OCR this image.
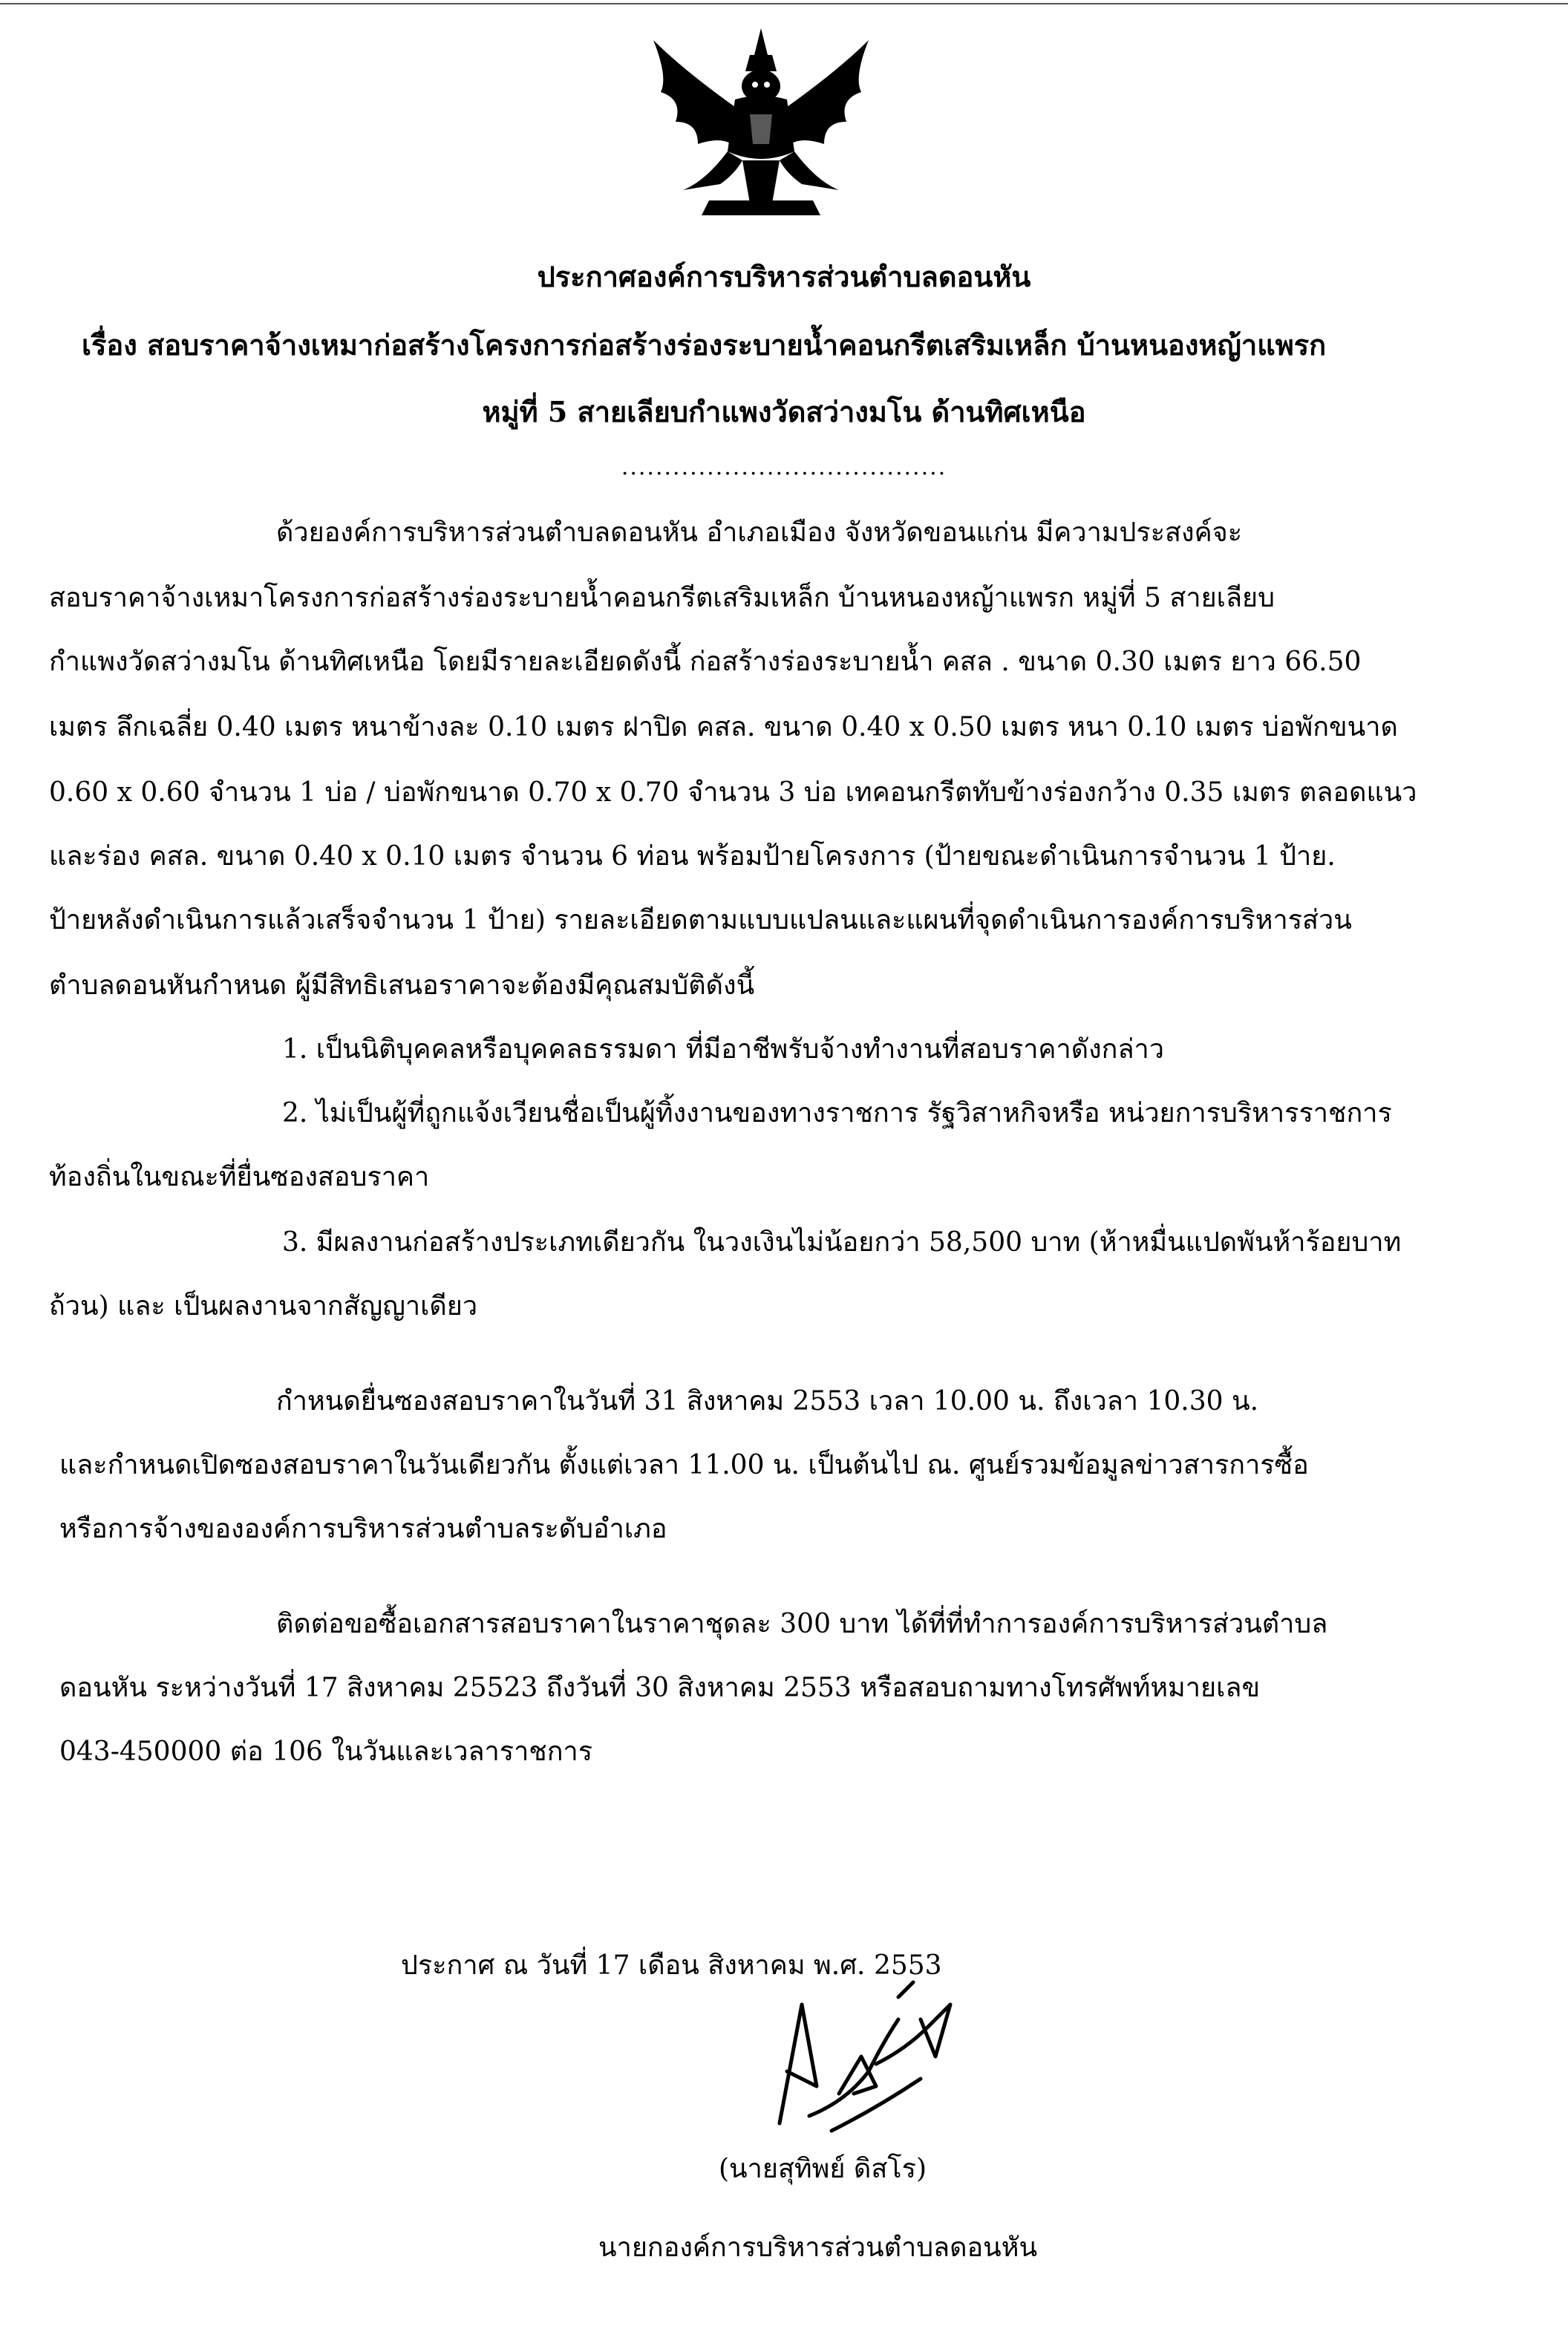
ประกาศองค์การบริหารส่วนตำบลดอนหัน
เรื่อง สอบราคาจ้างเหมาก่อสร้างโครงการก่อสร้างร่องระบายน้ำคอนกรีตเสริมเหล็ก บ้านหนองหญ้าแพรก
หมู่ที่ 5 สายเลียบกำแพงวัดสว่างมโน ด้านทิศเหนือ
......................................
ด้วยองค์การบริหารส่วนตำบลดอนหัน อำเภอเมือง จังหวัดขอนแก่น มีความประสงค์จะ
สอบราคาจ้างเหมาโครงการก่อสร้างร่องระบายน้ำคอนกรีตเสริมเหล็ก บ้านหนองหญ้าแพรก หมู่ที่ 5 สายเลียบ
กำแพงวัดสว่างมโน ด้านทิศเหนือ โดยมีรายละเอียดดังนี้ ก่อสร้างร่องระบายน้ำ คสล . ขนาด 0.30 เมตร ยาว 66.50
เมตร ลึกเฉลี่ย 0.40 เมตร หนาข้างละ 0.10 เมตร ฝาปิด คสล. ขนาด 0.40 x 0.50 เมตร หนา 0.10 เมตร บ่อพักขนาด
0.60 x 0.60 จำนวน 1 บ่อ / บ่อพักขนาด 0.70 x 0.70 จำนวน 3 บ่อ เทคอนกรีตทับข้างร่องกว้าง 0.35 เมตร ตลอดแนว
และร่อง คสล. ขนาด 0.40 x 0.10 เมตร จำนวน 6 ท่อน พร้อมป้ายโครงการ (ป้ายขณะดำเนินการจำนวน 1 ป้าย.
ป้ายหลังดำเนินการแล้วเสร็จจำนวน 1 ป้าย) รายละเอียดตามแบบแปลนและแผนที่จุดดำเนินการองค์การบริหารส่วน
ตำบลดอนหันกำหนด ผู้มีสิทธิเสนอราคาจะต้องมีคุณสมบัติดังนี้
1. เป็นนิติบุคคลหรือบุคคลธรรมดา ที่มีอาชีพรับจ้างทำงานที่สอบราคาดังกล่าว
2. ไม่เป็นผู้ที่ถูกแจ้งเวียนชื่อเป็นผู้ทิ้งงานของทางราชการ รัฐวิสาหกิจหรือ หน่วยการบริหารราชการ
ท้องถิ่นในขณะที่ยื่นซองสอบราคา
3. มีผลงานก่อสร้างประเภทเดียวกัน ในวงเงินไม่น้อยกว่า 58,500 บาท (ห้าหมื่นแปดพันห้าร้อยบาท
ถ้วน) และ เป็นผลงานจากสัญญาเดียว
กำหนดยื่นซองสอบราคาในวันที่ 31 สิงหาคม 2553 เวลา 10.00 น. ถึงเวลา 10.30 น.
และกำหนดเปิดซองสอบราคาในวันเดียวกัน ตั้งแต่เวลา 11.00 น. เป็นต้นไป ณ. ศูนย์รวมข้อมูลข่าวสารการซื้อ
หรือการจ้างขององค์การบริหารส่วนตำบลระดับอำเภอ
ติดต่อขอซื้อเอกสารสอบราคาในราคาชุดละ 300 บาท ได้ที่ที่ทำการองค์การบริหารส่วนตำบล
ดอนหัน ระหว่างวันที่ 17 สิงหาคม 25523 ถึงวันที่ 30 สิงหาคม 2553 หรือสอบถามทางโทรศัพท์หมายเลข
043-450000 ต่อ 106 ในวันและเวลาราชการ
ประกาศ ณ วันที่ 17 เดือน สิงหาคม พ.ศ. 2553
(นายสุทิพย์ ดิสโร)
นายกองค์การบริหารส่วนตำบลดอนหัน
